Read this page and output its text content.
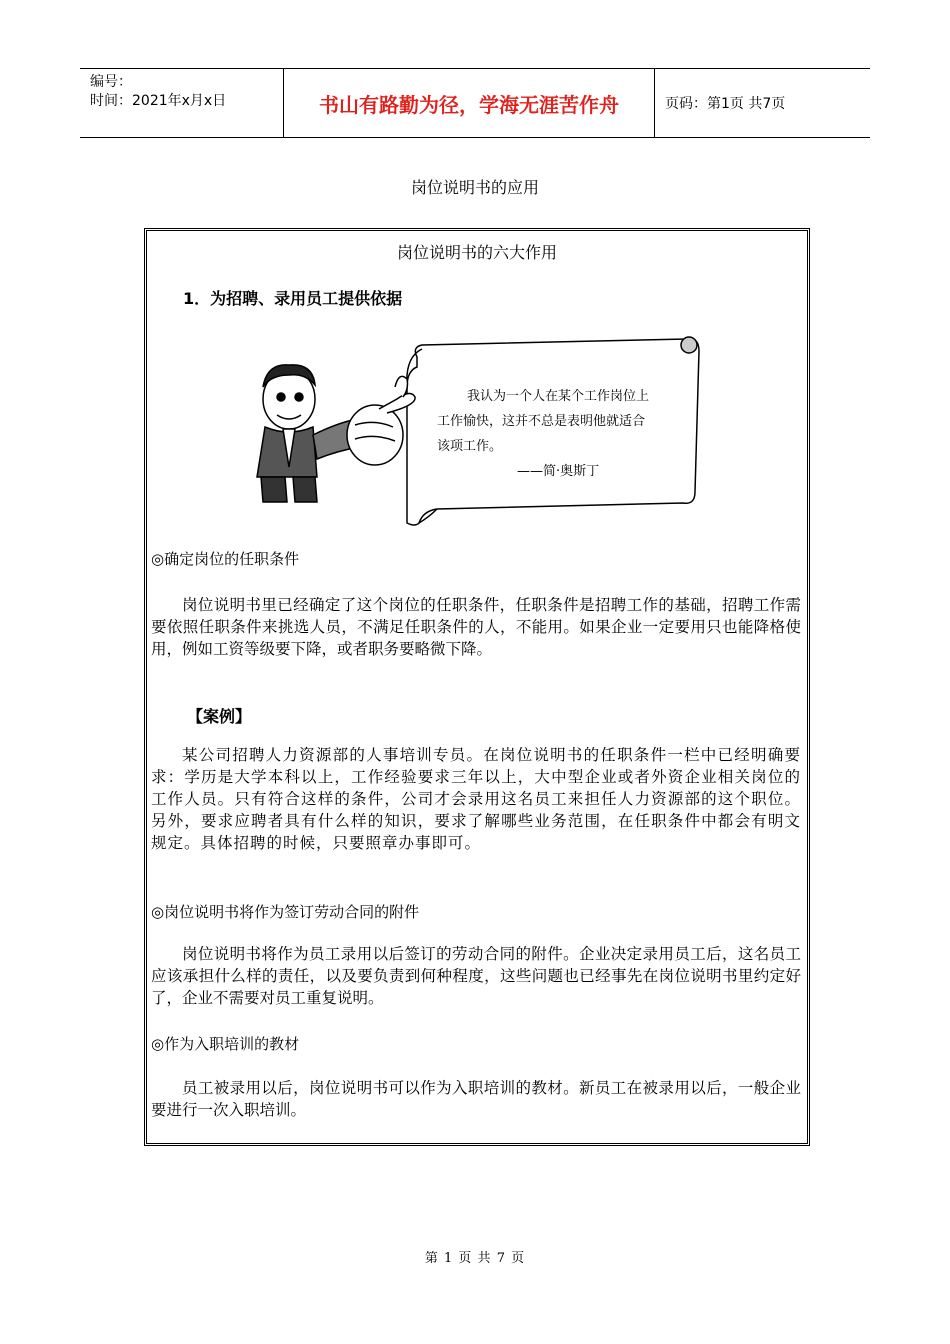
编号：
时间：2021年x月x日	书山有路勤为径，学海无涯苦作舟	页码：第1页 共7页
岗位说明书的应用
岗位说明书的六大作用
1．为招聘、录用员工提供依据
我认为一个人在某个工作岗位上
工作愉快，这并不总是表明他就适合
该项工作。
——简·奥斯丁
◎确定岗位的任职条件
岗位说明书里已经确定了这个岗位的任职条件，任职条件是招聘工作的基础，招聘工作需要依照任职条件来挑选人员，不满足任职条件的人，不能用。如果企业一定要用只也能降格使用，例如工资等级要下降，或者职务要略微下降。
【案例】
某公司招聘人力资源部的人事培训专员。在岗位说明书的任职条件一栏中已经明确要求：学历是大学本科以上，工作经验要求三年以上，大中型企业或者外资企业相关岗位的工作人员。只有符合这样的条件，公司才会录用这名员工来担任人力资源部的这个职位。另外，要求应聘者具有什么样的知识，要求了解哪些业务范围，在任职条件中都会有明文规定。具体招聘的时候，只要照章办事即可。
◎岗位说明书将作为签订劳动合同的附件
岗位说明书将作为员工录用以后签订的劳动合同的附件。企业决定录用员工后，这名员工应该承担什么样的责任，以及要负责到何种程度，这些问题也已经事先在岗位说明书里约定好了，企业不需要对员工重复说明。
◎作为入职培训的教材
员工被录用以后，岗位说明书可以作为入职培训的教材。新员工在被录用以后，一般企业要进行一次入职培训。
第 1 页 共 7 页
